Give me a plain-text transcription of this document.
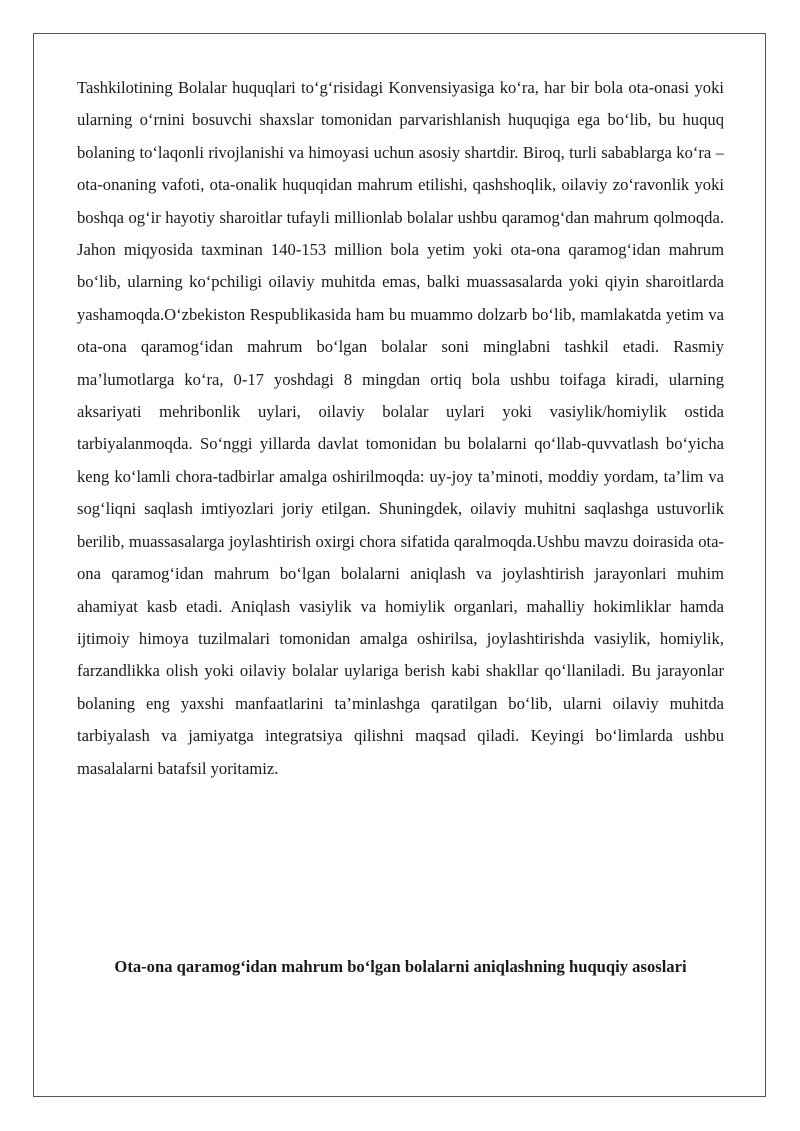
Tashkilotining Bolalar huquqlari to‘g‘risidagi Konvensiyasiga ko‘ra, har bir bola ota-onasi yoki ularning o‘rnini bosuvchi shaxslar tomonidan parvarishlanish huquqiga ega bo‘lib, bu huquq bolaning to‘laqonli rivojlanishi va himoyasi uchun asosiy shartdir. Biroq, turli sabablarga ko‘ra – ota-onaning vafoti, ota-onalik huquqidan mahrum etilishi, qashshoqlik, oilaviy zo‘ravonlik yoki boshqa og‘ir hayotiy sharoitlar tufayli millionlab bolalar ushbu qaramog‘dan mahrum qolmoqda. Jahon miqyosida taxminan 140-153 million bola yetim yoki ota-ona qaramog‘idan mahrum bo‘lib, ularning ko‘pchiligi oilaviy muhitda emas, balki muassasalarda yoki qiyin sharoitlarda yashamoqda.O‘zbekiston Respublikasida ham bu muammo dolzarb bo‘lib, mamlakatda yetim va ota-ona qaramog‘idan mahrum bo‘lgan bolalar soni minglabni tashkil etadi. Rasmiy ma’lumotlarga ko‘ra, 0-17 yoshdagi 8 mingdan ortiq bola ushbu toifaga kiradi, ularning aksariyati mehribonlik uylari, oilaviy bolalar uylari yoki vasiylik/homiylik ostida tarbiyalanmoqda. So‘nggi yillarda davlat tomonidan bu bolalarni qo‘llab-quvvatlash bo‘yicha keng ko‘lamli chora-tadbirlar amalga oshirilmoqda: uy-joy ta’minoti, moddiy yordam, ta’lim va sog‘liqni saqlash imtiyozlari joriy etilgan. Shuningdek, oilaviy muhitni saqlashga ustuvorlik berilib, muassasalarga joylashtirish oxirgi chora sifatida qaralmoqda.Ushbu mavzu doirasida ota-ona qaramog‘idan mahrum bo‘lgan bolalarni aniqlash va joylashtirish jarayonlari muhim ahamiyat kasb etadi. Aniqlash vasiylik va homiylik organlari, mahalliy hokimliklar hamda ijtimoiy himoya tuzilmalari tomonidan amalga oshirilsa, joylashtirishda vasiylik, homiylik, farzandlikka olish yoki oilaviy bolalar uylariga berish kabi shakllar qo‘llaniladi. Bu jarayonlar bolaning eng yaxshi manfaatlarini ta’minlashga qaratilgan bo‘lib, ularni oilaviy muhitda tarbiyalash va jamiyatga integratsiya qilishni maqsad qiladi. Keyingi bo‘limlarda ushbu masalalarni batafsil yoritamiz.

Ota-ona qaramog‘idan mahrum bo‘lgan bolalarni aniqlashning huquqiy asoslari
